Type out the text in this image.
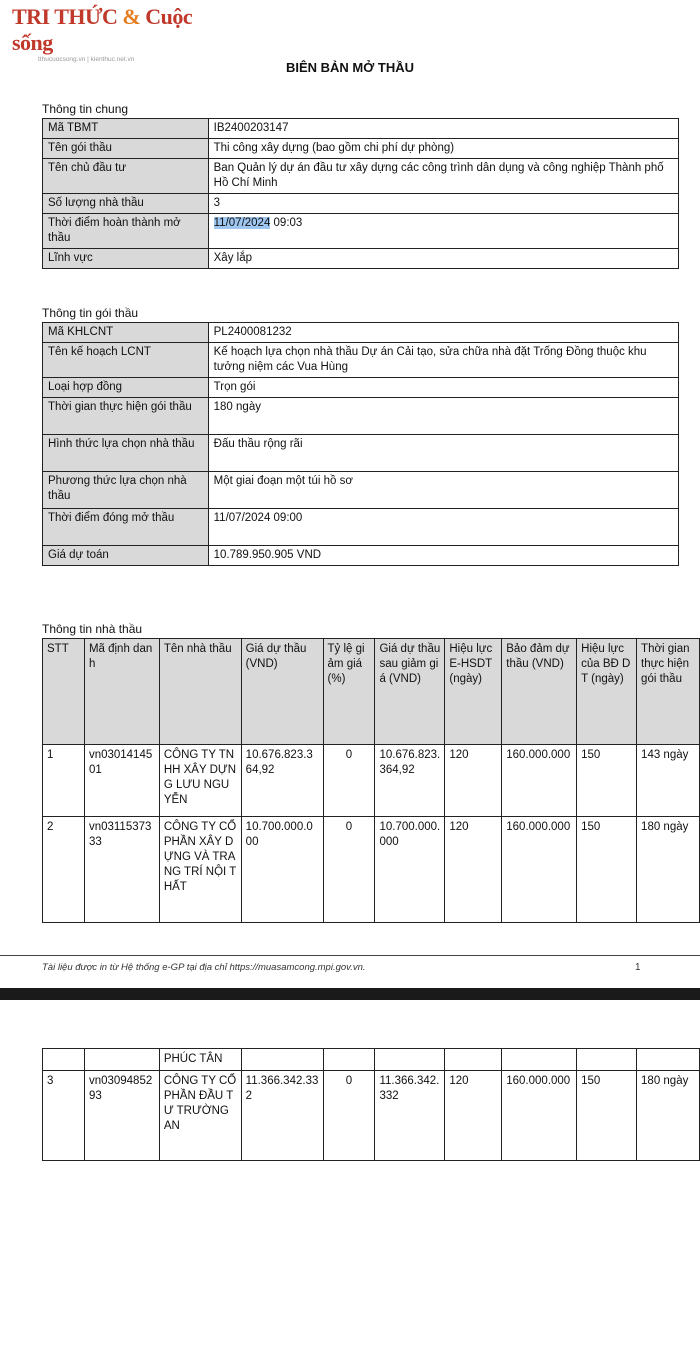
TRI THỨC & Cuộc sống
tthucuocsong.vn | kienthuc.net.vn
BIÊN BẢN MỞ THẦU
Thông tin chung
Mã TBMT	IB2400203147
Tên gói thầu	Thi công xây dựng (bao gồm chi phí dự phòng)
Tên chủ đầu tư	Ban Quản lý dự án đầu tư xây dựng các công trình dân dụng và công nghiệp Thành phố Hồ Chí Minh
Số lượng nhà thầu	3
Thời điểm hoàn thành mở thầu	11/07/2024 09:03
Lĩnh vực	Xây lắp
Thông tin gói thầu
Mã KHLCNT	PL2400081232
Tên kế hoạch LCNT	Kế hoạch lựa chọn nhà thầu Dự án Cải tạo, sửa chữa nhà đặt Trống Đồng thuộc khu tưởng niệm các Vua Hùng
Loại hợp đồng	Trọn gói
Thời gian thực hiện gói thầu	180 ngày
Hình thức lựa chọn nhà thầu	Đấu thầu rộng rãi
Phương thức lựa chọn nhà thầu	Một giai đoạn một túi hồ sơ
Thời điểm đóng mở thầu	11/07/2024 09:00
Giá dự toán	10.789.950.905 VND
Thông tin nhà thầu
STT	Mã định danh	Tên nhà thầu	Giá dự thầu (VND)	Tỷ lệ giảm giá (%)	Giá dự thầu sau giảm giá (VND)	Hiệu lực E-HSDT (ngày)	Bảo đảm dự thầu (VND)	Hiệu lực của BĐ DT (ngày)	Thời gian thực hiện gói thầu
1	vn0301414501	CÔNG TY TNHH XÂY DỰNG LƯU NGUYỄN	10.676.823.364,92	0	10.676.823.364,92	120	160.000.000	150	143 ngày
2	vn0311537333	CÔNG TY CỔ PHẦN XÂY DỰNG VÀ TRANG TRÍ NỘI THẤT	10.700.000.000	0	10.700.000.000	120	160.000.000	150	180 ngày
Tài liệu được in từ Hệ thống e-GP tại địa chỉ https://muasamcong.mpi.gov.vn.	1
		PHÚC TÂN							
3	vn0309485293	CÔNG TY CỔ PHẦN ĐẦU TƯ TRƯỜNG AN	11.366.342.332	0	11.366.342.332	120	160.000.000	150	180 ngày
